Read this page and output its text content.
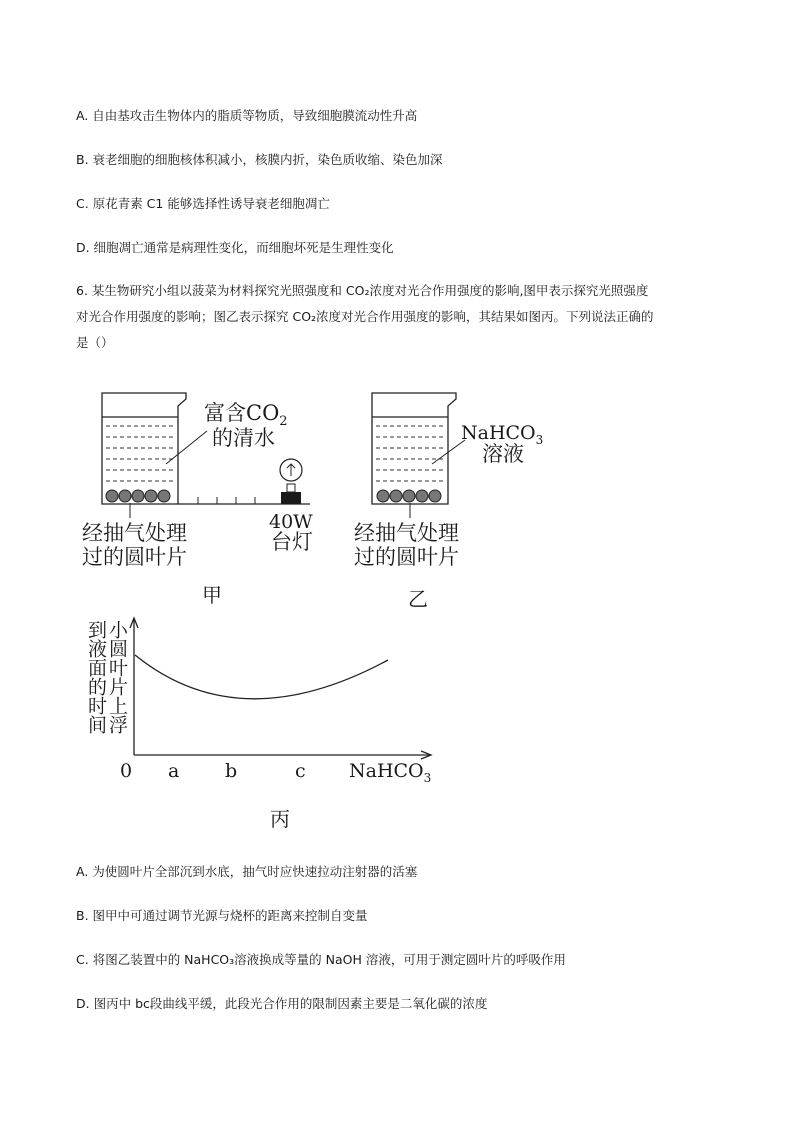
A. 自由基攻击生物体内的脂质等物质，导致细胞膜流动性升高
B. 衰老细胞的细胞核体积减小，核膜内折，染色质收缩、染色加深
C. 原花青素 C1 能够选择性诱导衰老细胞凋亡
D. 细胞凋亡通常是病理性变化，而细胞坏死是生理性变化
6. 某生物研究小组以菠菜为材料探究光照强度和 CO₂浓度对光合作用强度的影响,图甲表示探究光照强度
对光合作用强度的影响；图乙表示探究 CO₂浓度对光合作用强度的影响，其结果如图丙。下列说法正确的
是（）
富含$CO_2$
的清水
经抽气处理
过的圆叶片
40W
台灯
甲
NaHCO$_3$
溶液
经抽气处理
过的圆叶片
乙
小圆叶片上浮
到液面的时间
0 a b	c NaHCO$_3$
丙
A. 为使圆叶片全部沉到水底，抽气时应快速拉动注射器的活塞
B. 图甲中可通过调节光源与烧杯的距离来控制自变量
C. 将图乙装置中的 NaHCO₃溶液换成等量的 NaOH 溶液，可用于测定圆叶片的呼吸作用
D. 图丙中 bc段曲线平缓，此段光合作用的限制因素主要是二氧化碳的浓度
